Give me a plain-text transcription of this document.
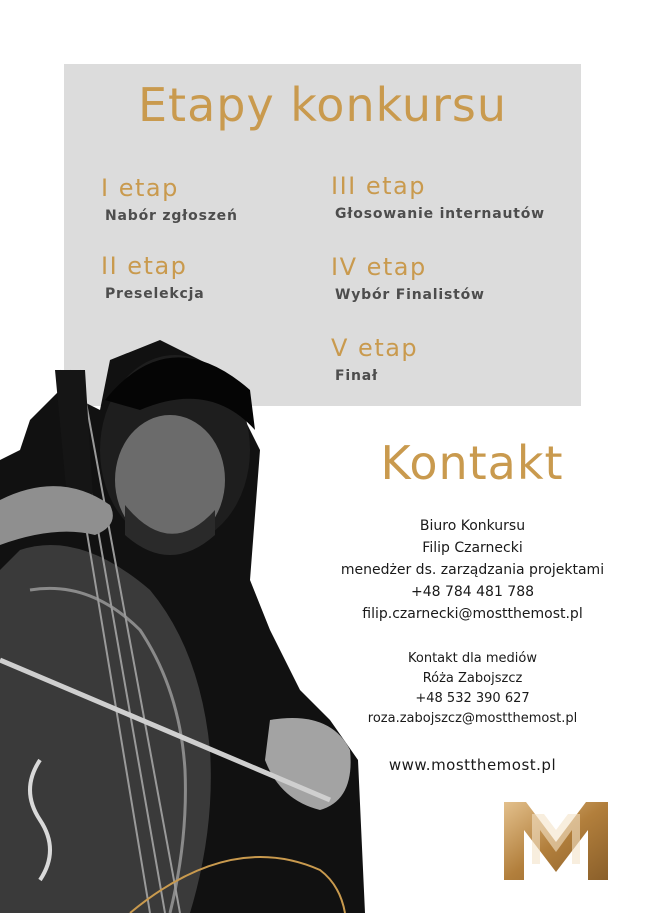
Etapy konkursu
I etap
Nabór zgłoszeń
II etap
Preselekcja
III etap
Głosowanie internautów
IV etap
Wybór Finalistów
V etap
Finał
Kontakt
Biuro Konkursu
Filip Czarnecki
menedżer ds. zarządzania projektami
+48 784 481 788
filip.czarnecki@mostthemost.pl
Kontakt dla mediów
Róża Zabojszcz
+48 532 390 627
roza.zabojszcz@mostthemost.pl
www.mostthemost.pl
